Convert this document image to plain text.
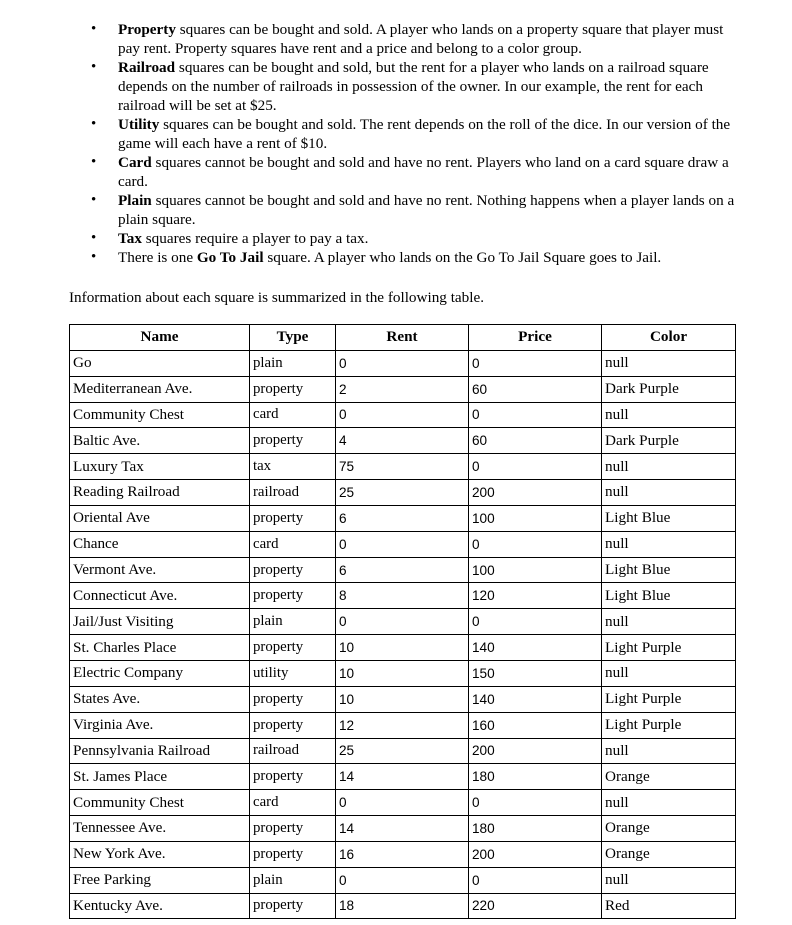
• Property squares can be bought and sold. A player who lands on a property square that player must pay rent. Property squares have rent and a price and belong to a color group.
• Railroad squares can be bought and sold, but the rent for a player who lands on a railroad square depends on the number of railroads in possession of the owner. In our example, the rent for each railroad will be set at $25.
• Utility squares can be bought and sold. The rent depends on the roll of the dice. In our version of the game will each have a rent of $10.
• Card squares cannot be bought and sold and have no rent. Players who land on a card square draw a card.
• Plain squares cannot be bought and sold and have no rent. Nothing happens when a player lands on a plain square.
• Tax squares require a player to pay a tax.
• There is one Go To Jail square. A player who lands on the Go To Jail Square goes to Jail.

Information about each square is summarized in the following table.

Name	Type	Rent	Price	Color
Go	plain	0	0	null
Mediterranean Ave.	property	2	60	Dark Purple
Community Chest	card	0	0	null
Baltic Ave.	property	4	60	Dark Purple
Luxury Tax	tax	75	0	null
Reading Railroad	railroad	25	200	null
Oriental Ave	property	6	100	Light Blue
Chance	card	0	0	null
Vermont Ave.	property	6	100	Light Blue
Connecticut Ave.	property	8	120	Light Blue
Jail/Just Visiting	plain	0	0	null
St. Charles Place	property	10	140	Light Purple
Electric Company	utility	10	150	null
States Ave.	property	10	140	Light Purple
Virginia Ave.	property	12	160	Light Purple
Pennsylvania Railroad	railroad	25	200	null
St. James Place	property	14	180	Orange
Community Chest	card	0	0	null
Tennessee Ave.	property	14	180	Orange
New York Ave.	property	16	200	Orange
Free Parking	plain	0	0	null
Kentucky Ave.	property	18	220	Red
